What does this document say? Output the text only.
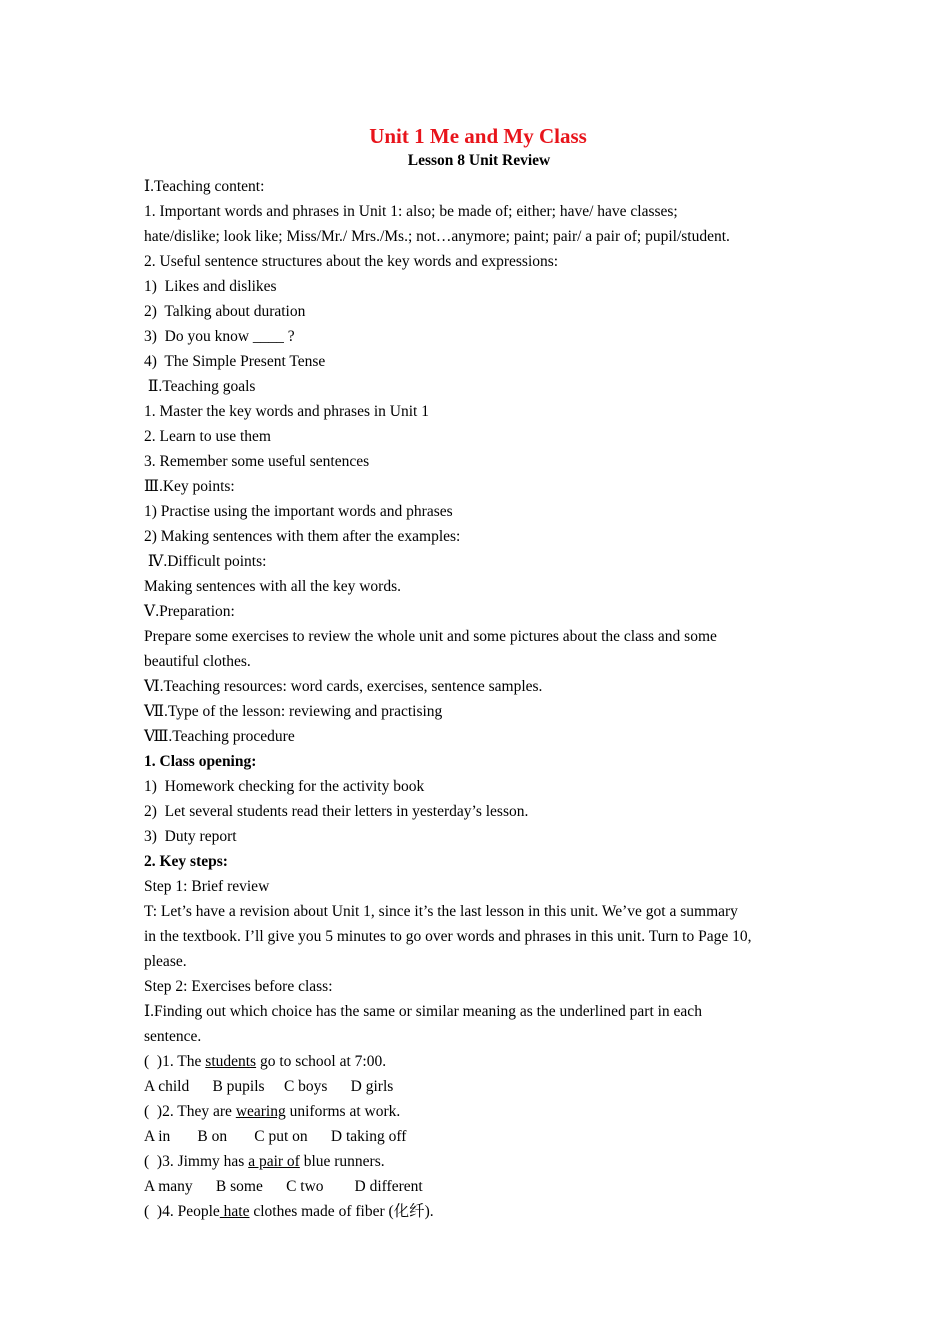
Unit 1 Me and My Class

Lesson 8 Unit Review

Ⅰ.Teaching content:

1. Important words and phrases in Unit 1: also; be made of; either; have/ have classes;

hate/dislike; look like; Miss/Mr./ Mrs./Ms.; not…anymore; paint; pair/ a pair of; pupil/student.

2. Useful sentence structures about the key words and expressions:

1)  Likes and dislikes

2)  Talking about duration

3)  Do you know ____ ?

4)  The Simple Present Tense

Ⅱ.Teaching goals

1. Master the key words and phrases in Unit 1

2. Learn to use them

3. Remember some useful sentences

Ⅲ.Key points:

1) Practise using the important words and phrases

2) Making sentences with them after the examples:

Ⅳ.Difficult points:

Making sentences with all the key words.

Ⅴ.Preparation:

Prepare some exercises to review the whole unit and some pictures about the class and some

beautiful clothes.

Ⅵ.Teaching resources: word cards, exercises, sentence samples.

Ⅶ.Type of the lesson: reviewing and practising

Ⅷ.Teaching procedure

1. Class opening:

1)  Homework checking for the activity book

2)  Let several students read their letters in yesterday’s lesson.

3)  Duty report

2. Key steps:

Step 1: Brief review

T: Let’s have a revision about Unit 1, since it’s the last lesson in this unit. We’ve got a summary

in the textbook. I’ll give you 5 minutes to go over words and phrases in this unit. Turn to Page 10,

please.

Step 2: Exercises before class:

Ⅰ.Finding out which choice has the same or similar meaning as the underlined part in each

sentence.

(  )1. The students go to school at 7:00.

A child      B pupils     C boys      D girls

(  )2. They are wearing uniforms at work.

A in       B on       C put on      D taking off

(  )3. Jimmy has a pair of blue runners.

A many      B some      C two        D different

(  )4. People hate clothes made of fiber (化纤).
